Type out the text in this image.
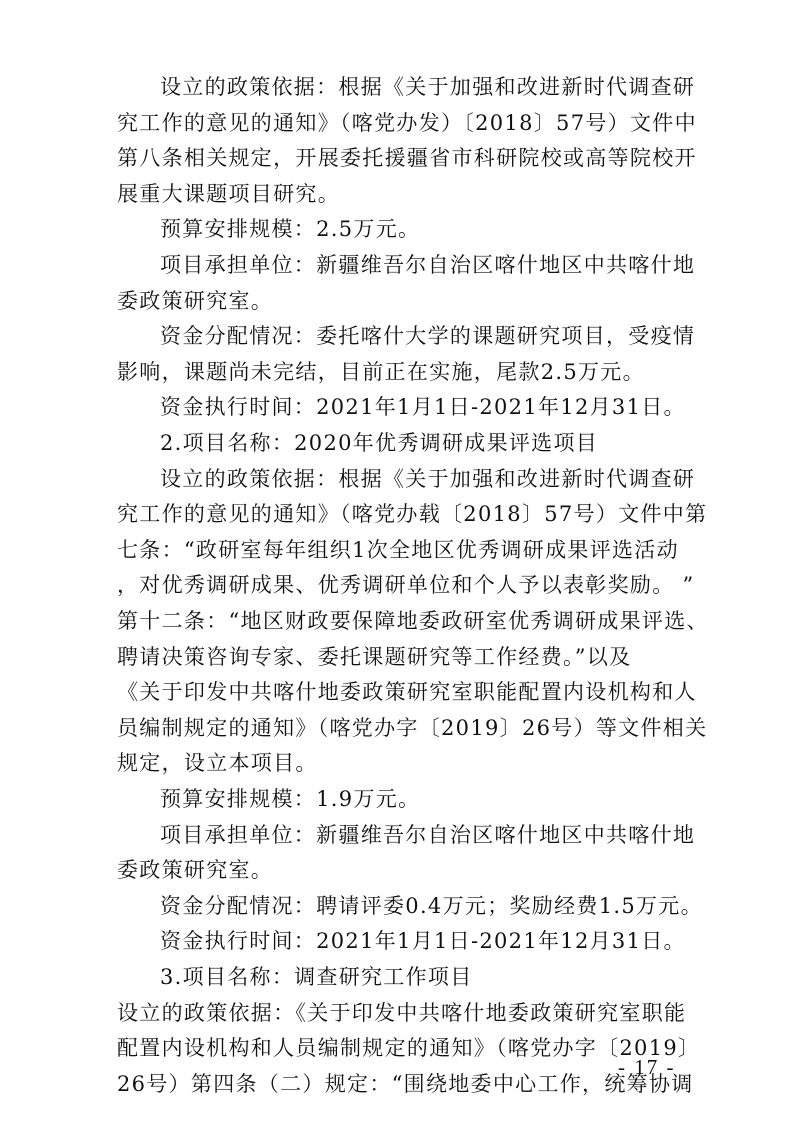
设立的政策依据：根据《关于加强和改进新时代调查研
究工作的意见的通知》（喀党办发）〔2018〕57号）文件中
第八条相关规定，开展委托援疆省市科研院校或高等院校开
展重大课题项目研究。
预算安排规模：2.5万元。
项目承担单位：新疆维吾尔自治区喀什地区中共喀什地
委政策研究室。
资金分配情况：委托喀什大学的课题研究项目，受疫情
影响，课题尚未完结，目前正在实施，尾款2.5万元。
资金执行时间：2021年1月1日-2021年12月31日。
2.项目名称：2020年优秀调研成果评选项目
设立的政策依据：根据《关于加强和改进新时代调查研
究工作的意见的通知》（喀党办载〔2018〕57号）文件中第
七条：“政研室每年组织1次全地区优秀调研成果评选活动
，对优秀调研成果、优秀调研单位和个人予以表彰奖励。 ”
第十二条：“地区财政要保障地委政研室优秀调研成果评选、
聘请决策咨询专家、委托课题研究等工作经费。”以及
《关于印发中共喀什地委政策研究室职能配置内设机构和人
员编制规定的通知》（喀党办字〔2019〕26号）等文件相关
规定，设立本项目。
预算安排规模：1.9万元。
项目承担单位：新疆维吾尔自治区喀什地区中共喀什地
委政策研究室。
资金分配情况：聘请评委0.4万元；奖励经费1.5万元。
资金执行时间：2021年1月1日-2021年12月31日。
3.项目名称：调查研究工作项目
设立的政策依据：《关于印发中共喀什地委政策研究室职能
配置内设机构和人员编制规定的通知》（喀党办字〔2019〕
26号）第四条（二）规定：“围绕地委中心工作，统筹协调
- 17 -
